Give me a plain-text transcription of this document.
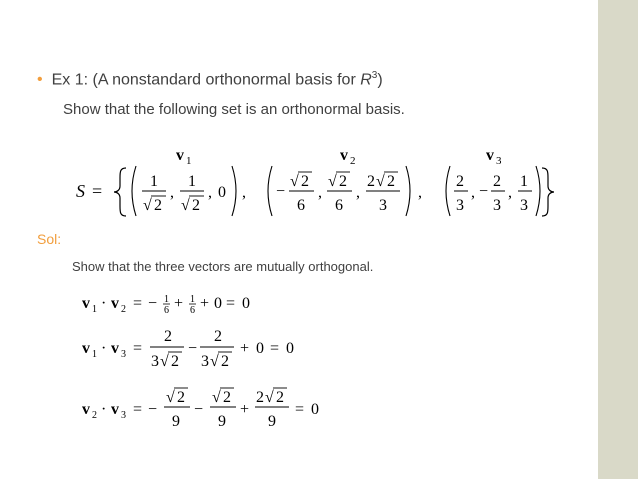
• Ex 1: (A nonstandard orthonormal basis for $R^3$)
Show that the following set is an orthonormal basis.
Sol:
Show that the three vectors are mutually orthogonal.
v 1	v 2	v 3
S =	1
√ 2
,
1
√ 2
, 0 , −
√ 2
6
,
√ 2
6
,
2 √ 2
3
,
2
3
, −
2
3
,
1
3
v 1 · v 2 = − 1
6 + 1
6 + 0 = 0
v 1 · v 3 =
2
3 √ 2
−
2
3 √ 2
+ 0 = 0
v 2 · v 3 = −
√ 2
9
−
√ 2
9
+
2 √ 2
9
= 0
